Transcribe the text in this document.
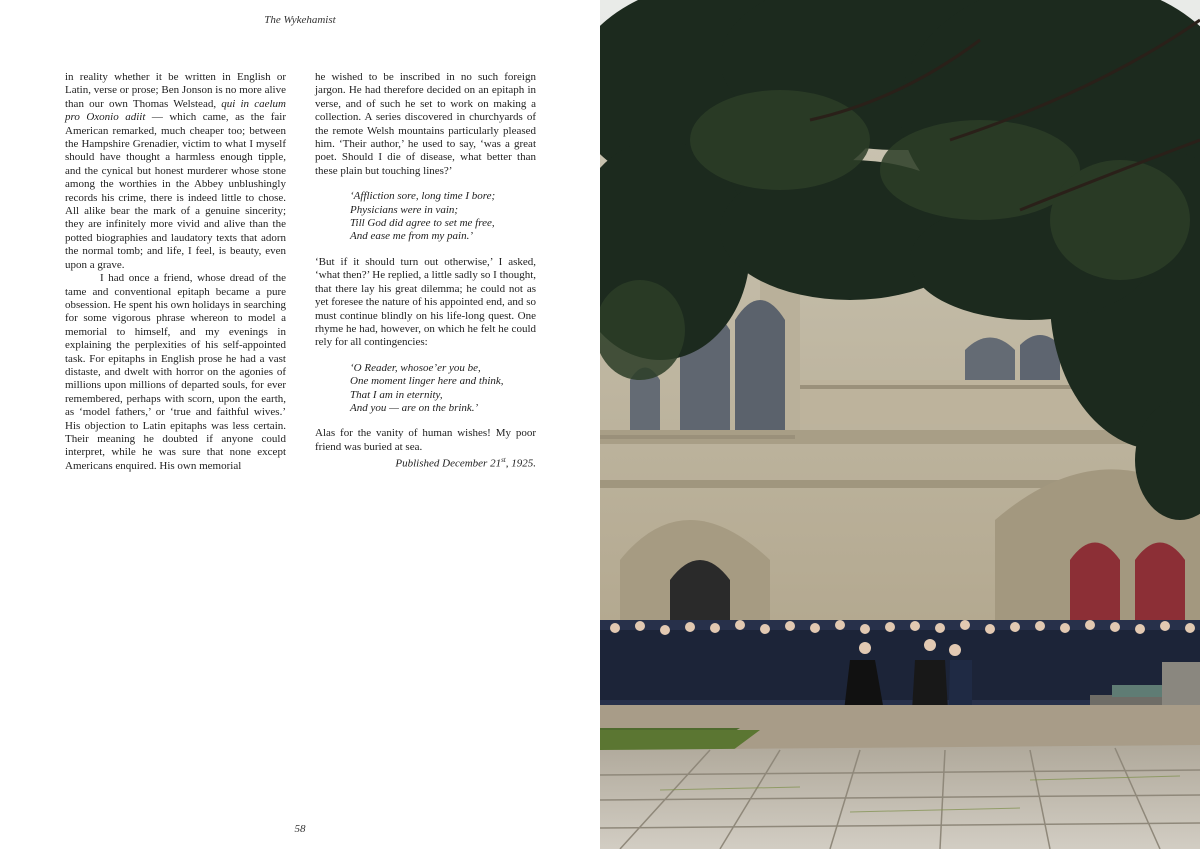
The Wykehamist

in reality whether it be written in English or Latin, verse or prose; Ben Jonson is no more alive than our own Thomas Welstead, qui in caelum pro Oxonio adiit — which came, as the fair American remarked, much cheaper too; between the Hampshire Grenadier, victim to what I myself should have thought a harmless enough tipple, and the cynical but honest murderer whose stone among the worthies in the Abbey unblushingly records his crime, there is indeed little to chose. All alike bear the mark of a genuine sincerity; they are infinitely more vivid and alive than the potted biographies and laudatory texts that adorn the normal tomb; and life, I feel, is beauty, even upon a grave.

I had once a friend, whose dread of the tame and conventional epitaph became a pure obsession. He spent his own holidays in searching for some vigorous phrase whereon to model a memorial to himself, and my evenings in explaining the perplexities of his self-appointed task. For epitaphs in English prose he had a vast distaste, and dwelt with horror on the agonies of millions upon millions of departed souls, for ever remembered, perhaps with scorn, upon the earth, as ‘model fathers,’ or ‘true and faithful wives.’ His objection to Latin epitaphs was less certain. Their meaning he doubted if anyone could interpret, while he was sure that none except Americans enquired. His own memorial

he wished to be inscribed in no such foreign jargon. He had therefore decided on an epitaph in verse, and of such he set to work on making a collection. A series discovered in churchyards of the remote Welsh mountains particularly pleased him. ‘Their author,’ he used to say, ‘was a great poet. Should I die of disease, what better than these plain but touching lines?’

‘Affliction sore, long time I bore;
Physicians were in vain;
Till God did agree to set me free,
And ease me from my pain.’

‘But if it should turn out otherwise,’ I asked, ‘what then?’ He replied, a little sadly so I thought, that there lay his great dilemma; he could not as yet foresee the nature of his appointed end, and so must continue blindly on his life-long quest. One rhyme he had, however, on which he felt he could rely for all contingencies:

‘O Reader, whosoe’er you be,
One moment linger here and think,
That I am in eternity,
And you — are on the brink.’

Alas for the vanity of human wishes! My poor friend was buried at sea.

Published December 21st, 1925.

58
